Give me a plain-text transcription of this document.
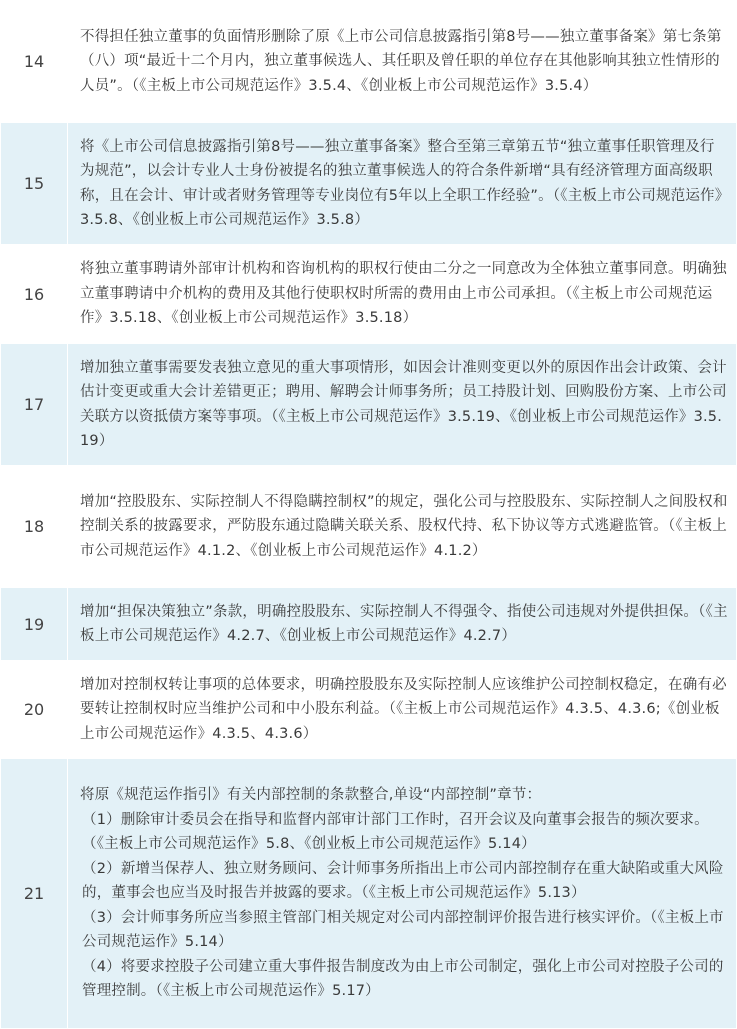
14	不得担任独立董事的负面情形删除了原《上市公司信息披露指引第8号——独立董事备案》第七条第（八）项“最近十二个月内，独立董事候选人、其任职及曾任职的单位存在其他影响其独立性情形的人员”。（《主板上市公司规范运作》3.5.4、《创业板上市公司规范运作》3.5.4）
15	将《上市公司信息披露指引第8号——独立董事备案》整合至第三章第五节“独立董事任职管理及行为规范”，以会计专业人士身份被提名的独立董事候选人的符合条件新增“具有经济管理方面高级职称，且在会计、审计或者财务管理等专业岗位有5年以上全职工作经验”。（《主板上市公司规范运作》3.5.8、《创业板上市公司规范运作》3.5.8）
16	将独立董事聘请外部审计机构和咨询机构的职权行使由二分之一同意改为全体独立董事同意。明确独立董事聘请中介机构的费用及其他行使职权时所需的费用由上市公司承担。（《主板上市公司规范运作》3.5.18、《创业板上市公司规范运作》3.5.18）
17	增加独立董事需要发表独立意见的重大事项情形，如因会计准则变更以外的原因作出会计政策、会计估计变更或重大会计差错更正；聘用、解聘会计师事务所；员工持股计划、回购股份方案、上市公司关联方以资抵债方案等事项。（《主板上市公司规范运作》3.5.19、《创业板上市公司规范运作》3.5.19）
18	增加“控股股东、实际控制人不得隐瞒控制权”的规定，强化公司与控股股东、实际控制人之间股权和控制关系的披露要求，严防股东通过隐瞒关联关系、股权代持、私下协议等方式逃避监管。（《主板上市公司规范运作》4.1.2、《创业板上市公司规范运作》4.1.2）
19	增加“担保决策独立”条款，明确控股股东、实际控制人不得强令、指使公司违规对外提供担保。（《主板上市公司规范运作》4.2.7、《创业板上市公司规范运作》4.2.7）
20	增加对控制权转让事项的总体要求，明确控股股东及实际控制人应该维护公司控制权稳定，在确有必要转让控制权时应当维护公司和中小股东利益。（《主板上市公司规范运作》4.3.5、4.3.6;《创业板上市公司规范运作》4.3.5、4.3.6）
21	将原《规范运作指引》有关内部控制的条款整合,单设“内部控制”章节：

（1）删除审计委员会在指导和监督内部审计部门工作时，召开会议及向董事会报告的频次要求。（《主板上市公司规范运作》5.8、《创业板上市公司规范运作》5.14）

（2）新增当保荐人、独立财务顾问、会计师事务所指出上市公司内部控制存在重大缺陷或重大风险的，董事会也应当及时报告并披露的要求。（《主板上市公司规范运作》5.13）

（3）会计师事务所应当参照主管部门相关规定对公司内部控制评价报告进行核实评价。（《主板上市公司规范运作》5.14）

（4）将要求控股子公司建立重大事件报告制度改为由上市公司制定，强化上市公司对控股子公司的管理控制。（《主板上市公司规范运作》5.17）
